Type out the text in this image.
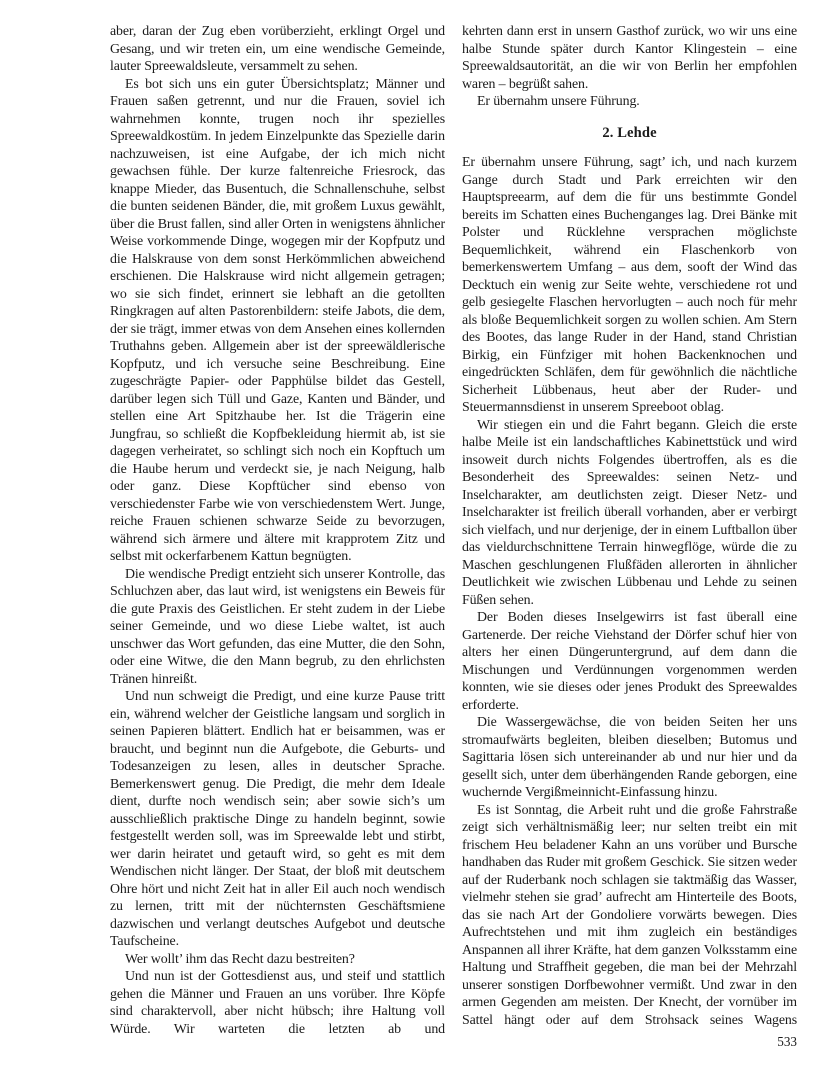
aber, daran der Zug eben vorüberzieht, erklingt Orgel und Gesang, und wir treten ein, um eine wendische Gemeinde, lauter Spreewaldsleute, versammelt zu sehen.

Es bot sich uns ein guter Übersichtsplatz; Männer und Frauen saßen getrennt, und nur die Frauen, soviel ich wahrnehmen konnte, trugen noch ihr spezielles Spreewaldkostüm. In jedem Einzelpunkte das Spezielle darin nachzuweisen, ist eine Aufgabe, der ich mich nicht gewachsen fühle. Der kurze faltenreiche Friesrock, das knappe Mieder, das Busentuch, die Schnallenschuhe, selbst die bunten seidenen Bänder, die, mit großem Luxus gewählt, über die Brust fallen, sind aller Orten in wenigstens ähnlicher Weise vorkommende Dinge, wogegen mir der Kopfputz und die Halskrause von dem sonst Herkömmlichen abweichend erschienen. Die Halskrause wird nicht allgemein getragen; wo sie sich findet, erinnert sie lebhaft an die getollten Ringkragen auf alten Pastorenbildern: steife Jabots, die dem, der sie trägt, immer etwas von dem Ansehen eines kollernden Truthahns geben. Allgemein aber ist der spreewäldlerische Kopfputz, und ich versuche seine Beschreibung. Eine zugeschrägte Papier- oder Papphülse bildet das Gestell, darüber legen sich Tüll und Gaze, Kanten und Bänder, und stellen eine Art Spitzhaube her. Ist die Trägerin eine Jungfrau, so schließt die Kopfbekleidung hiermit ab, ist sie dagegen verheiratet, so schlingt sich noch ein Kopftuch um die Haube herum und verdeckt sie, je nach Neigung, halb oder ganz. Diese Kopftücher sind ebenso von verschiedenster Farbe wie von verschiedenstem Wert. Junge, reiche Frauen schienen schwarze Seide zu bevorzugen, während sich ärmere und ältere mit krapprotem Zitz und selbst mit ockerfarbenem Kattun begnügten.

Die wendische Predigt entzieht sich unserer Kontrolle, das Schluchzen aber, das laut wird, ist wenigstens ein Beweis für die gute Praxis des Geistlichen. Er steht zudem in der Liebe seiner Gemeinde, und wo diese Liebe waltet, ist auch unschwer das Wort gefunden, das eine Mutter, die den Sohn, oder eine Witwe, die den Mann begrub, zu den ehrlichsten Tränen hinreißt.

Und nun schweigt die Predigt, und eine kurze Pause tritt ein, während welcher der Geistliche langsam und sorglich in seinen Papieren blättert. Endlich hat er beisammen, was er braucht, und beginnt nun die Aufgebote, die Geburts- und Todesanzeigen zu lesen, alles in deutscher Sprache. Bemerkenswert genug. Die Predigt, die mehr dem Ideale dient, durfte noch wendisch sein; aber sowie sich’s um ausschließlich praktische Dinge zu handeln beginnt, sowie festgestellt werden soll, was im Spreewalde lebt und stirbt, wer darin heiratet und getauft wird, so geht es mit dem Wendischen nicht länger. Der Staat, der bloß mit deutschem Ohre hört und nicht Zeit hat in aller Eil auch noch wendisch zu lernen, tritt mit der nüchternsten Geschäftsmiene dazwischen und verlangt deutsches Aufgebot und deutsche Taufscheine.

Wer wollt’ ihm das Recht dazu bestreiten?

Und nun ist der Gottesdienst aus, und steif und stattlich gehen die Männer und Frauen an uns vorüber. Ihre Köpfe sind charaktervoll, aber nicht hübsch; ihre Haltung voll Würde. Wir warteten die letzten ab und

kehrten dann erst in unsern Gasthof zurück, wo wir uns eine halbe Stunde später durch Kantor Klingestein – eine Spreewaldsautorität, an die wir von Berlin her empfohlen waren – begrüßt sahen.

Er übernahm unsere Führung.

2. Lehde

Er übernahm unsere Führung, sagt’ ich, und nach kurzem Gange durch Stadt und Park erreichten wir den Hauptspreearm, auf dem die für uns bestimmte Gondel bereits im Schatten eines Buchenganges lag. Drei Bänke mit Polster und Rücklehne versprachen möglichste Bequemlichkeit, während ein Flaschenkorb von bemerkenswertem Umfang – aus dem, sooft der Wind das Decktuch ein wenig zur Seite wehte, verschiedene rot und gelb gesiegelte Flaschen hervorlugten – auch noch für mehr als bloße Bequemlichkeit sorgen zu wollen schien. Am Stern des Bootes, das lange Ruder in der Hand, stand Christian Birkig, ein Fünfziger mit hohen Backenknochen und eingedrückten Schläfen, dem für gewöhnlich die nächtliche Sicherheit Lübbenaus, heut aber der Ruder- und Steuermannsdienst in unserem Spreeboot oblag.

Wir stiegen ein und die Fahrt begann. Gleich die erste halbe Meile ist ein landschaftliches Kabinettstück und wird insoweit durch nichts Folgendes übertroffen, als es die Besonderheit des Spreewaldes: seinen Netz- und Inselcharakter, am deutlichsten zeigt. Dieser Netz- und Inselcharakter ist freilich überall vorhanden, aber er verbirgt sich vielfach, und nur derjenige, der in einem Luftballon über das vieldurchschnittene Terrain hinwegflöge, würde die zu Maschen geschlungenen Flußfäden allerorten in ähnlicher Deutlichkeit wie zwischen Lübbenau und Lehde zu seinen Füßen sehen.

Der Boden dieses Inselgewirrs ist fast überall eine Gartenerde. Der reiche Viehstand der Dörfer schuf hier von alters her einen Düngeruntergrund, auf dem dann die Mischungen und Verdünnungen vorgenommen werden konnten, wie sie dieses oder jenes Produkt des Spreewaldes erforderte.

Die Wassergewächse, die von beiden Seiten her uns stromaufwärts begleiten, bleiben dieselben; Butomus und Sagittaria lösen sich untereinander ab und nur hier und da gesellt sich, unter dem überhängenden Rande geborgen, eine wuchernde Vergißmeinnicht-Einfassung hinzu.

Es ist Sonntag, die Arbeit ruht und die große Fahrstraße zeigt sich verhältnismäßig leer; nur selten treibt ein mit frischem Heu beladener Kahn an uns vorüber und Bursche handhaben das Ruder mit großem Geschick. Sie sitzen weder auf der Ruderbank noch schlagen sie taktmäßig das Wasser, vielmehr stehen sie grad’ aufrecht am Hinterteile des Boots, das sie nach Art der Gondoliere vorwärts bewegen. Dies Aufrechtstehen und mit ihm zugleich ein beständiges Anspannen all ihrer Kräfte, hat dem ganzen Volksstamm eine Haltung und Straffheit gegeben, die man bei der Mehrzahl unserer sonstigen Dorfbewohner vermißt. Und zwar in den armen Gegenden am meisten. Der Knecht, der vornüber im Sattel hängt oder auf dem Strohsack seines Wagens

533
